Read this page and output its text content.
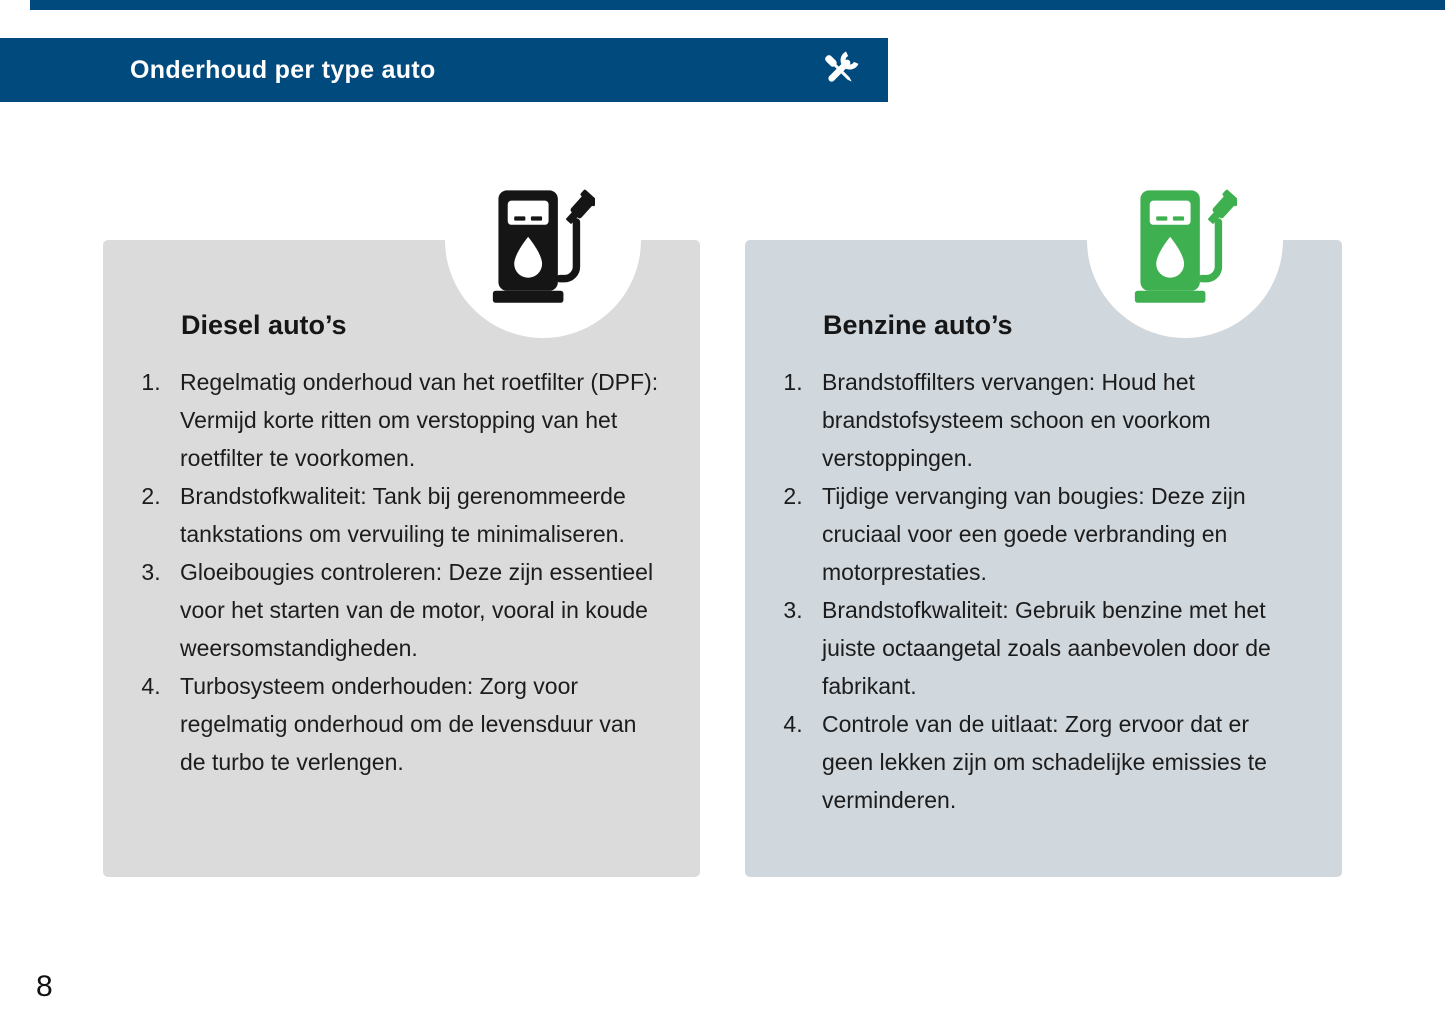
Onderhoud per type auto
Diesel auto’s
1. Regelmatig onderhoud van het roetfilter (DPF): Vermijd korte ritten om verstopping van het roetfilter te voorkomen.
2. Brandstofkwaliteit: Tank bij gerenommeerde tankstations om vervuiling te minimaliseren.
3. Gloeibougies controleren: Deze zijn essentieel voor het starten van de motor, vooral in koude weersomstandigheden.
4. Turbosysteem onderhouden: Zorg voor regelmatig onderhoud om de levensduur van de turbo te verlengen.
Benzine auto’s
1. Brandstoffilters vervangen: Houd het brandstofsysteem schoon en voorkom verstoppingen.
2. Tijdige vervanging van bougies: Deze zijn cruciaal voor een goede verbranding en motorprestaties.
3. Brandstofkwaliteit: Gebruik benzine met het juiste octaangetal zoals aanbevolen door de fabrikant.
4. Controle van de uitlaat: Zorg ervoor dat er geen lekken zijn om schadelijke emissies te verminderen.
8
